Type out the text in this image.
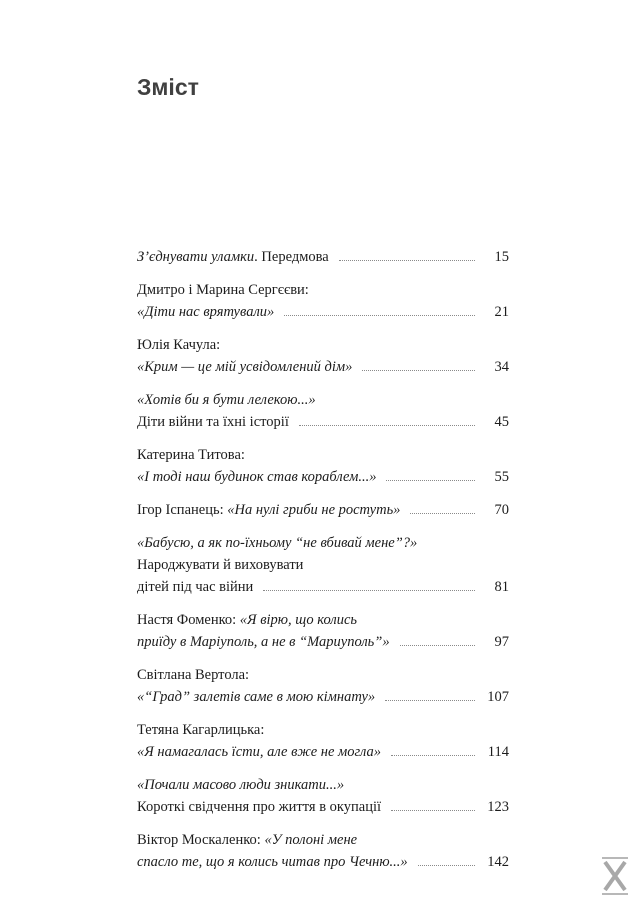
Зміст
З’єднувати уламки. Передмова	15
Дмитро і Марина Сергєєви:
«Діти нас врятували»	21
Юлія Качула:
«Крим — це мій усвідомлений дім»	34
«Хотів би я бути лелекою...»
Діти війни та їхні історії	45
Катерина Титова:
«І тоді наш будинок став кораблем...»	55
Ігор Іспанець: «На нулі гриби не ростуть»	70
«Бабусю, а як по-їхньому “не вбивай мене”?»
Народжувати й виховувати
дітей під час війни	81
Настя Фоменко: «Я вірю, що колись
приїду в Маріуполь, а не в “Мариуполь”»	97
Світлана Вертола:
«“Град” залетів саме в мою кімнату»	107
Тетяна Кагарлицька:
«Я намагалась їсти, але вже не могла»	114
«Почали масово люди зникати...»
Короткі свідчення про життя в окупації	123
Віктор Москаленко: «У полоні мене
спасло те, що я колись читав про Чечню...»	142
